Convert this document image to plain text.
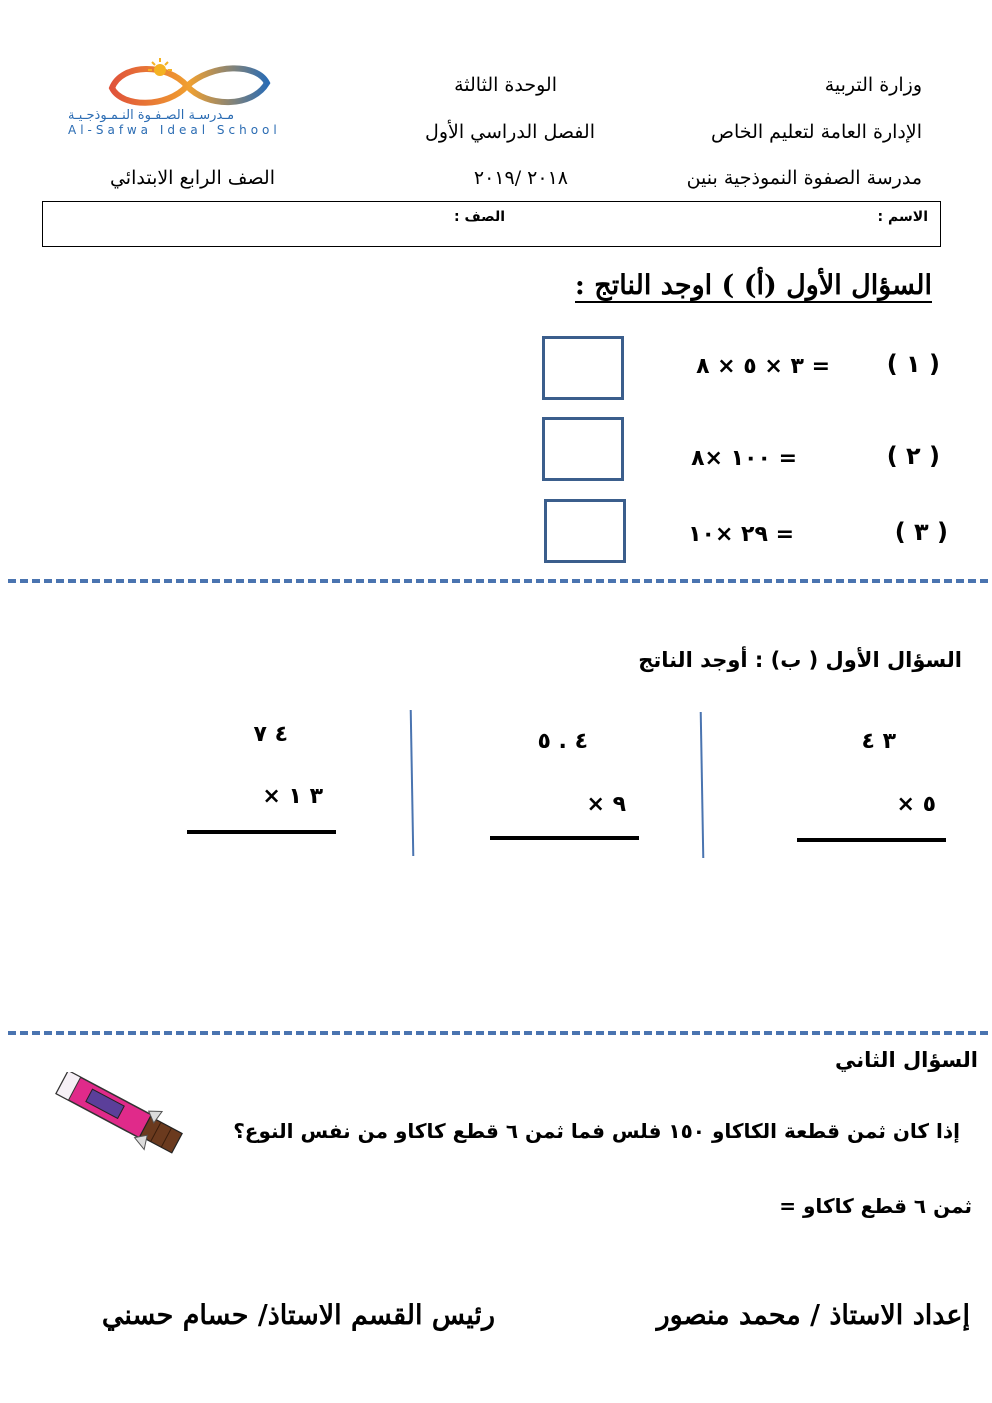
وزارة التربية
الإدارة العامة لتعليم الخاص
مدرسة الصفوة النموذجية بنين
الوحدة الثالثة
الفصل الدراسي الأول
٢٠١٨ /٢٠١٩
الصف الرابع الابتدائي
مـدرسـة الصـفـوة النـمـوذجـيـة
Al-Safwa Ideal School
الاسم :
الصف :
السؤال الأول (أ) ) اوجد الناتج :
( ١ )
= ٣ × ٥ × ٨
( ٢ )
= ١٠٠ ×٨
( ٣ )
= ٢٩ ×١٠
السؤال الأول ( ب) : أوجد الناتج
٣ ٤
٥ ×
٤ . ٥
٩ ×
٤ ٧
٣ ١ ×
السؤال الثاني
إذا كان ثمن قطعة الكاكاو ١٥٠ فلس فما ثمن ٦ قطع كاكاو من نفس النوع؟
ثمن ٦ قطع كاكاو =
إعداد الاستاذ / محمد منصور
رئيس القسم الاستاذ/ حسام حسني
